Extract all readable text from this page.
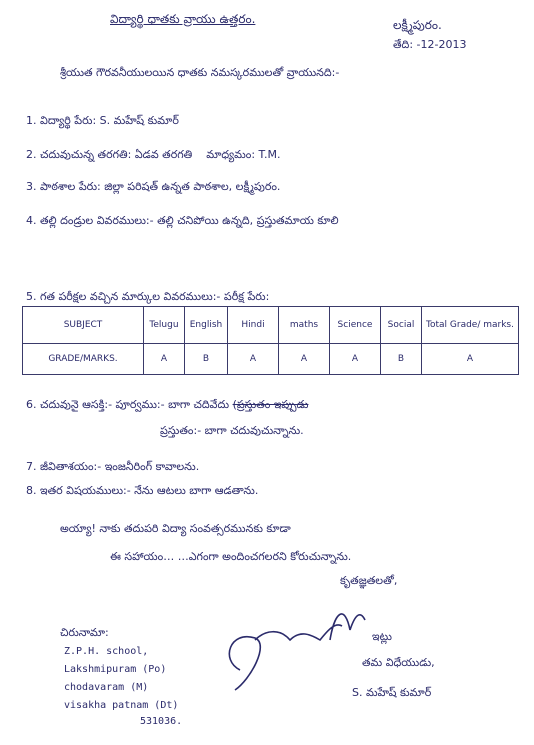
విద్యార్థి ధాతకు వ్రాయు ఉత్తరం.	లక్ష్మీపురం.
తేది: -12-2013
శ్రీయుత గౌరవనీయులయిన ధాతకు నమస్కరములతో వ్రాయునది:-
1. విద్యార్థి పేరు: S. మహేష్ కుమార్
2. చదువుచున్న తరగతి: ఏడవ తరగతి మాధ్యమం: T.M.
3. పాఠశాల పేరు: జిల్లా పరిషత్ ఉన్నత పాఠశాల, లక్ష్మీపురం.
4. తల్లి దండ్రుల వివరములు:- తల్లి చనిపోయి ఉన్నది, ప్రస్తుతమాయ కూలి
5. గత పరీక్షల వచ్చిన మార్కుల వివరములు:- పరీక్ష పేరు:
SUBJECT	Telugu	English	Hindi	maths	Science	Social	Total Grade/ marks.
GRADE/MARKS.	A	B	A	A	A	B	A
6. చదువునై ఆసక్తి:- పూర్వము:- బాగా చదివేదు (ప్రస్తుతం ఇప్పుడు
ప్రస్తుతం:- బాగా చదువుచున్నాను.
7. జీవితాశయం:- ఇంజనీరింగ్ కావాలను.
8. ఇతర విషయములు:- నేను ఆటలు బాగా ఆడతాను.
అయ్యా! నాకు తదుపరి విద్యా సంవత్సరమునకు కూడా
ఈ సహాయం… …ఎగంగా అందించగలరని కోరుచున్నాను.
కృతజ్ఞతలతో,
చిరునామా:
Z.P.H. school,
Lakshmipuram (Po)
chodavaram (M)
visakha patnam (Dt)
531036.
ఇట్లు
తమ విధేయుడు,
S. మహేష్ కుమార్
